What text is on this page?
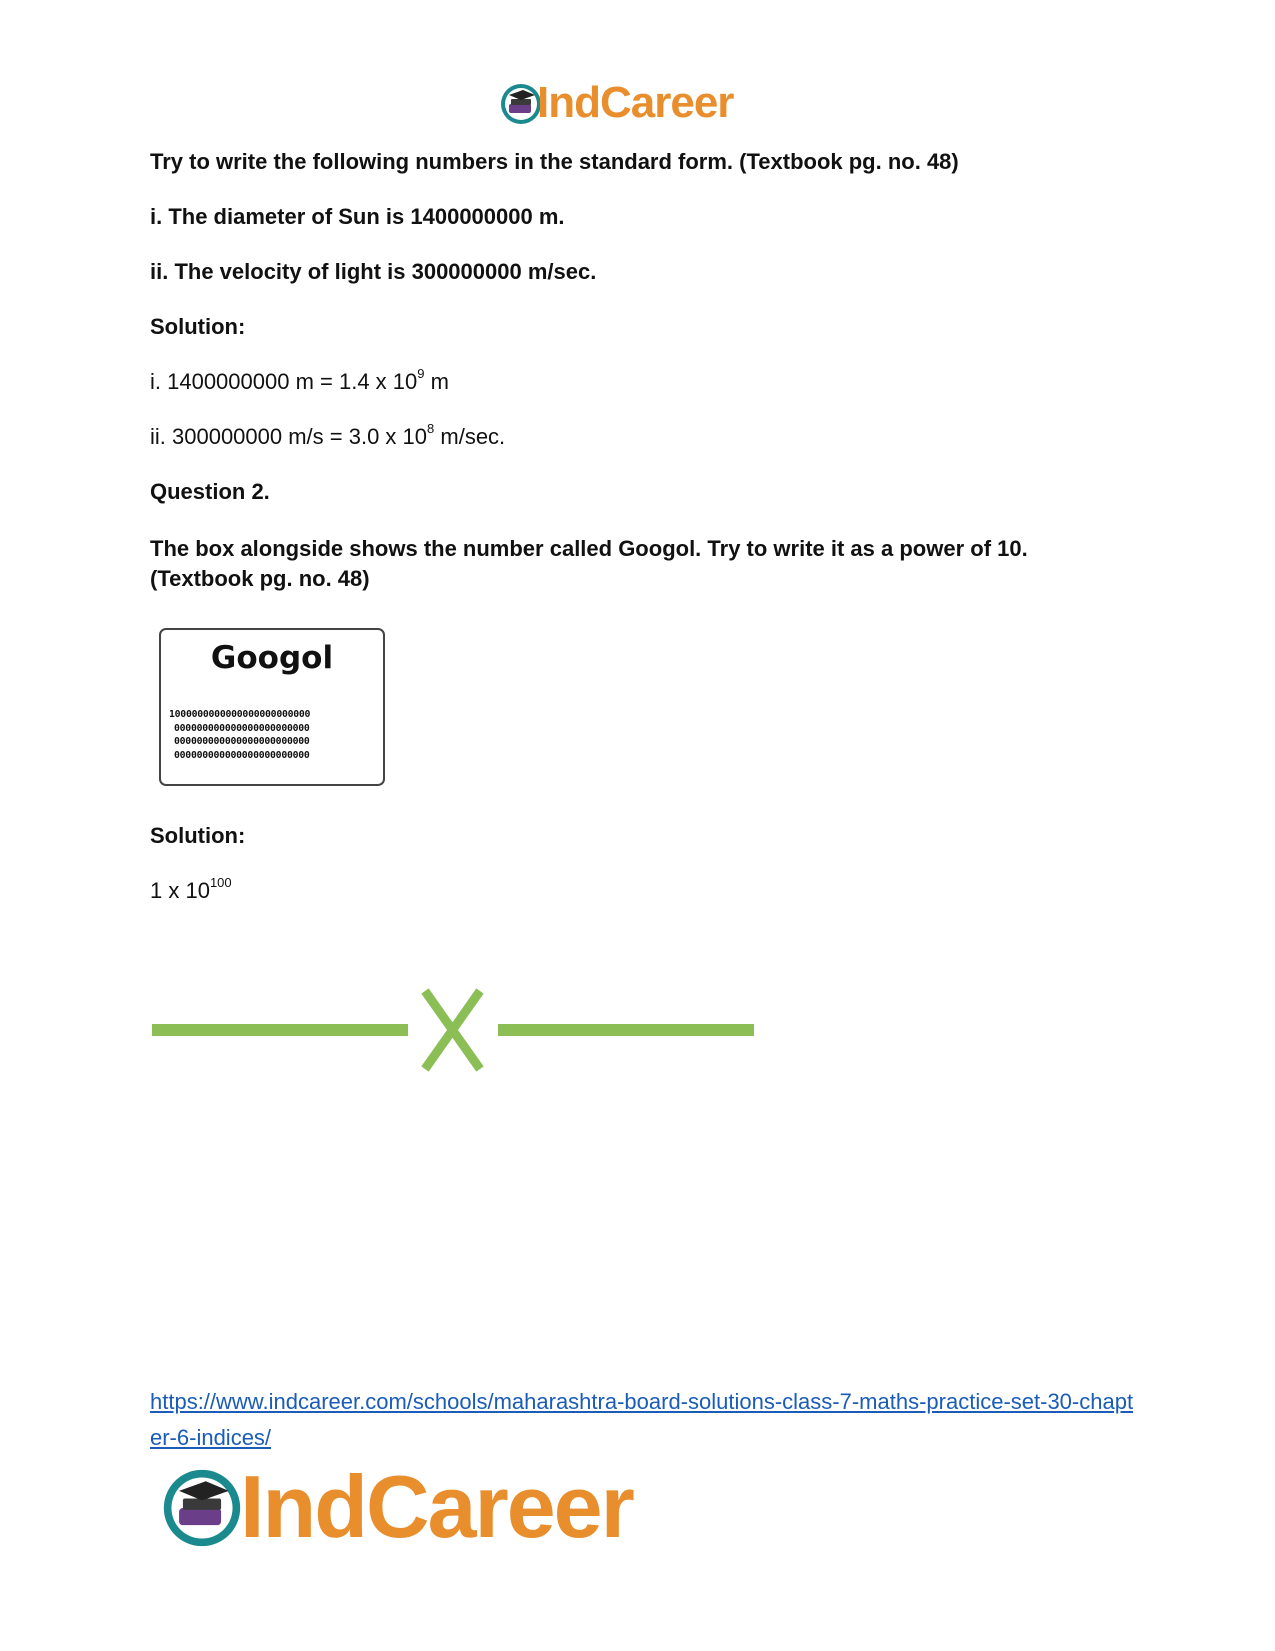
IndCareer
Try to write the following numbers in the standard form. (Textbook pg. no. 48)
i. The diameter of Sun is 1400000000 m.
ii. The velocity of light is 300000000 m/sec.
Solution:
i. 1400000000 m = 1.4 x $10^9$ m
ii. 300000000 m/s = 3.0 x $10^8$ m/sec.
Question 2.
The box alongside shows the number called Googol. Try to write it as a power of 10. (Textbook pg. no. 48)
Googol
1000000000000000000000000
000000000000000000000000
000000000000000000000000
000000000000000000000000
Solution:
1 x $10^{100}$
https://www.indcareer.com/schools/maharashtra-board-solutions-class-7-maths-practice-set-30-chapter-6-indices/
IndCareer
